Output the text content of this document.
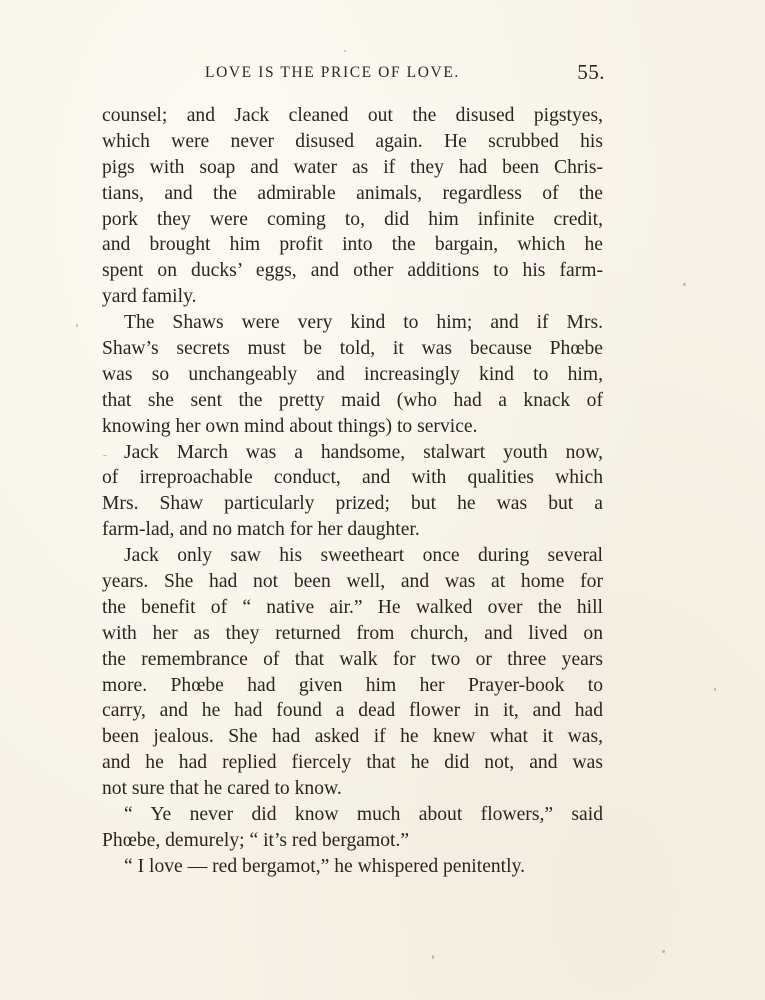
LOVE IS THE PRICE OF LOVE.	55.
counsel; and Jack cleaned out the disused pigstyes,
which were never disused again. He scrubbed his
pigs with soap and water as if they had been Chris-
tians, and the admirable animals, regardless of the
pork they were coming to, did him infinite credit,
and brought him profit into the bargain, which he
spent on ducks’ eggs, and other additions to his farm-
yard family.
The Shaws were very kind to him; and if Mrs.
Shaw’s secrets must be told, it was because Phœbe
was so unchangeably and increasingly kind to him,
that she sent the pretty maid (who had a knack of
knowing her own mind about things) to service.
Jack March was a handsome, stalwart youth now,
of irreproachable conduct, and with qualities which
Mrs. Shaw particularly prized; but he was but a
farm-lad, and no match for her daughter.
Jack only saw his sweetheart once during several
years. She had not been well, and was at home for
the benefit of “ native air.” He walked over the hill
with her as they returned from church, and lived on
the remembrance of that walk for two or three years
more. Phœbe had given him her Prayer-book to
carry, and he had found a dead flower in it, and had
been jealous. She had asked if he knew what it was,
and he had replied fiercely that he did not, and was
not sure that he cared to know.
“ Ye never did know much about flowers,” said
Phœbe, demurely; “ it’s red bergamot.”
“ I love — red bergamot,” he whispered penitently.
